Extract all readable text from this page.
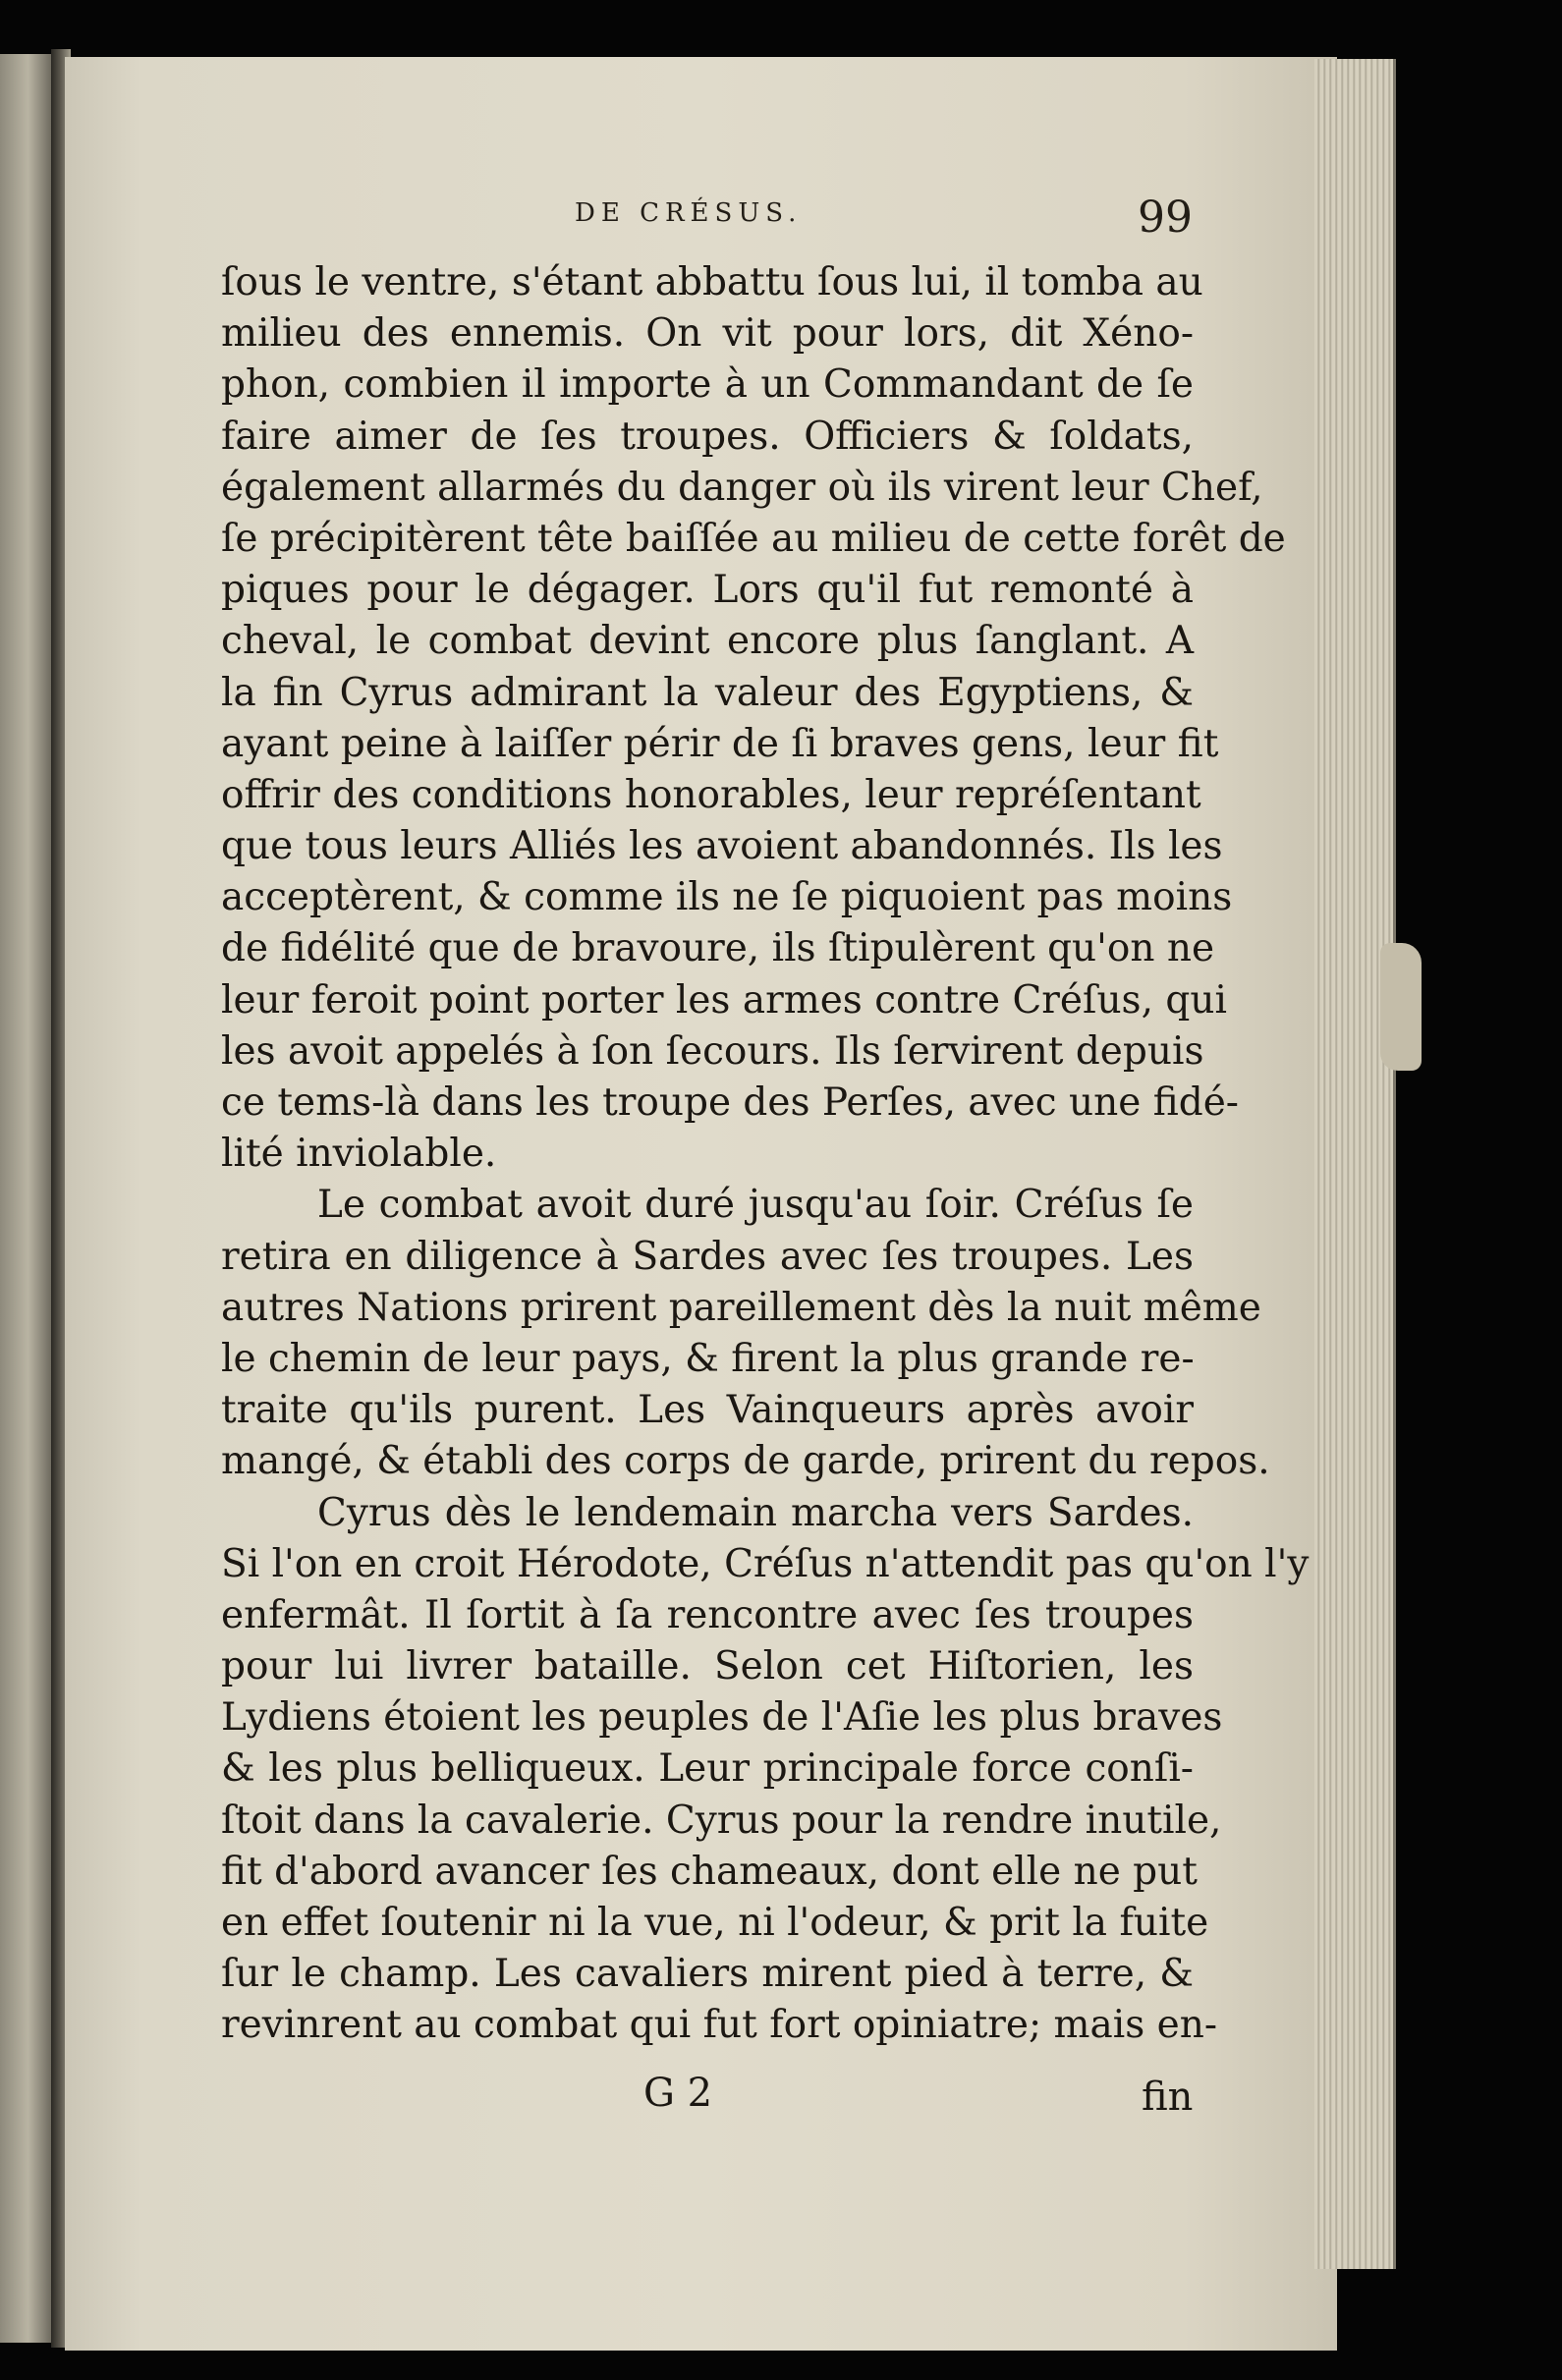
DE CRÉSUS.	99
ſous le ventre, s'étant abbattu ſous lui, il tomba au
milieu des ennemis. On vit pour lors, dit Xéno-
phon, combien il importe à un Commandant de ſe
faire aimer de ſes troupes. Officiers & ſoldats,
également allarmés du danger où ils virent leur Chef,
ſe précipitèrent tête baiſſée au milieu de cette forêt de
piques pour le dégager. Lors qu'il fut remonté à
cheval, le combat devint encore plus ſanglant. A
la fin Cyrus admirant la valeur des Egyptiens, &
ayant peine à laiſſer périr de ſi braves gens, leur fit
offrir des conditions honorables, leur repréſentant
que tous leurs Alliés les avoient abandonnés. Ils les
acceptèrent, & comme ils ne ſe piquoient pas moins
de fidélité que de bravoure, ils ſtipulèrent qu'on ne
leur feroit point porter les armes contre Créſus, qui
les avoit appelés à ſon ſecours. Ils ſervirent depuis
ce tems-là dans les troupe des Perſes, avec une fidé-
lité inviolable.
Le combat avoit duré jusqu'au ſoir. Créſus ſe
retira en diligence à Sardes avec ſes troupes. Les
autres Nations prirent pareillement dès la nuit même
le chemin de leur pays, & firent la plus grande re-
traite qu'ils purent. Les Vainqueurs après avoir
mangé, & établi des corps de garde, prirent du repos.
Cyrus dès le lendemain marcha vers Sardes.
Si l'on en croit Hérodote, Créſus n'attendit pas qu'on l'y
enfermât. Il ſortit à ſa rencontre avec ſes troupes
pour lui livrer bataille. Selon cet Hiſtorien, les
Lydiens étoient les peuples de l'Aſie les plus braves
& les plus belliqueux. Leur principale force conſi-
ſtoit dans la cavalerie. Cyrus pour la rendre inutile,
fit d'abord avancer ſes chameaux, dont elle ne put
en effet ſoutenir ni la vue, ni l'odeur, & prit la fuite
ſur le champ. Les cavaliers mirent pied à terre, &
revinrent au combat qui fut fort opiniatre; mais en-
G 2	fin
